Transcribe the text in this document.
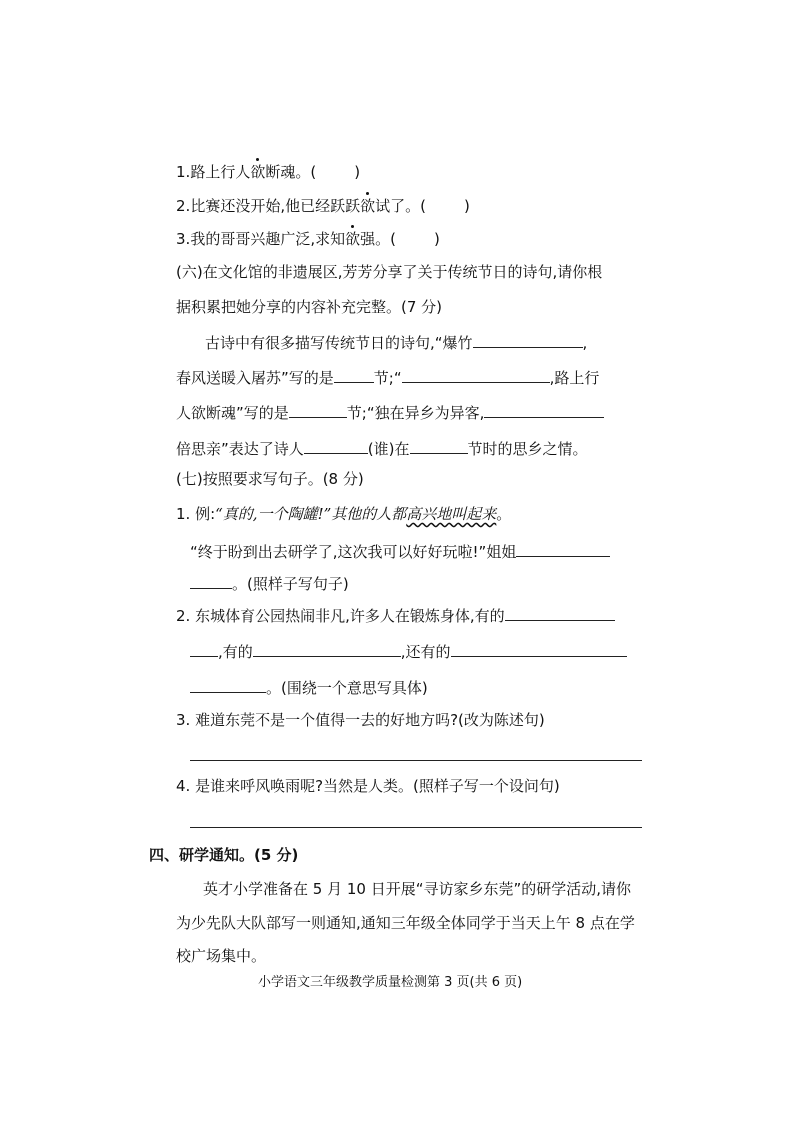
1.路上行人欲断魂。(	)
2.比赛还没开始,他已经跃跃欲试了。(	)
3.我的哥哥兴趣广泛,求知欲强。(	)
(六)在文化馆的非遗展区,芳芳分享了关于传统节日的诗句,请你根
据积累把她分享的内容补充完整。(7 分)
古诗中有很多描写传统节日的诗句,“爆竹	,
春风送暖入屠苏”写的是	节;“	,路上行
人欲断魂”写的是	节;“独在异乡为异客,
倍思亲”表达了诗人	(谁)在	节时的思乡之情。
(七)按照要求写句子。(8 分)
1. 例:“真的,一个陶罐!”其他的人都高兴地叫起来。
“终于盼到出去研学了,这次我可以好好玩啦!”姐姐
。(照样子写句子)
2. 东城体育公园热闹非凡,许多人在锻炼身体,有的
,有的	,还有的
。(围绕一个意思写具体)
3. 难道东莞不是一个值得一去的好地方吗?(改为陈述句)
4. 是谁来呼风唤雨呢?当然是人类。(照样子写一个设问句)
四、研学通知。(5 分)
英才小学准备在 5 月 10 日开展“寻访家乡东莞”的研学活动,请你
为少先队大队部写一则通知,通知三年级全体同学于当天上午 8 点在学
校广场集中。
小学语文三年级教学质量检测第 3 页(共 6 页)
